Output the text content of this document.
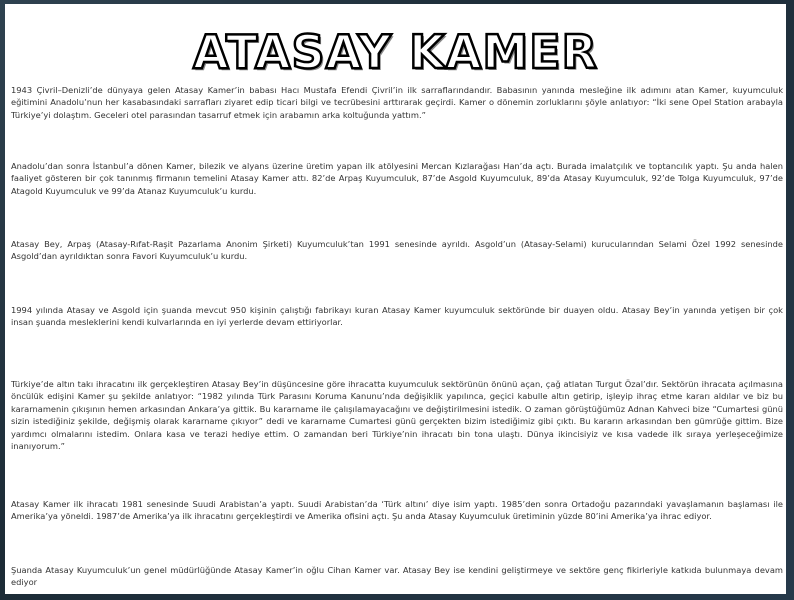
ATASAY KAMER

1943 Çivril–Denizli’de dünyaya gelen Atasay Kamer’in babası Hacı Mustafa Efendi Çivril’in ilk sarraflarındandır. Babasının yanında mesleğine ilk adımını atan Kamer, kuyumculuk eğitimini Anadolu’nun her kasabasındaki sarrafları ziyaret edip ticari bilgi ve tecrübesini arttırarak geçirdi. Kamer o dönemin zorluklarını şöyle anlatıyor: “İki sene Opel Station arabayla Türkiye’yi dolaştım. Geceleri otel parasından tasarruf etmek için arabamın arka koltuğunda yattım.”

Anadolu’dan sonra İstanbul’a dönen Kamer, bilezik ve alyans üzerine üretim yapan ilk atölyesini Mercan Kızlarağası Han’da açtı. Burada imalatçılık ve toptancılık yaptı. Şu anda halen faaliyet gösteren bir çok tanınmış firmanın temelini Atasay Kamer attı. 82’de Arpaş Kuyumculuk, 87’de Asgold Kuyumculuk, 89’da Atasay Kuyumculuk, 92’de Tolga Kuyumculuk, 97’de Atagold Kuyumculuk ve 99’da Atanaz Kuyumculuk’u kurdu.

Atasay Bey, Arpaş (Atasay-Rıfat-Raşit Pazarlama Anonim Şirketi) Kuyumculuk’tan 1991 senesinde ayrıldı. Asgold’un (Atasay-Selami) kurucularından Selami Özel 1992 senesinde Asgold’dan ayrıldıktan sonra Favori Kuyumculuk’u kurdu.

1994 yılında Atasay ve Asgold için şuanda mevcut 950 kişinin çalıştığı fabrikayı kuran Atasay Kamer kuyumculuk sektöründe bir duayen oldu. Atasay Bey’in yanında yetişen bir çok insan şuanda mesleklerini kendi kulvarlarında en iyi yerlerde devam ettiriyorlar.

Türkiye’de altın takı ihracatını ilk gerçekleştiren Atasay Bey’in düşüncesine göre ihracatta kuyumculuk sektörünün önünü açan, çağ atlatan Turgut Özal’dır. Sektörün ihracata açılmasına öncülük edişini Kamer şu şekilde anlatıyor: “1982 yılında Türk Parasını Koruma Kanunu’nda değişiklik yapılınca, geçici kabulle altın getirip, işleyip ihraç etme kararı aldılar ve biz bu kararnamenin çıkışının hemen arkasından Ankara’ya gittik. Bu kararname ile çalışılamayacağını ve değiştirilmesini istedik. O zaman görüştüğümüz Adnan Kahveci bize “Cumartesi günü sizin istediğiniz şekilde, değişmiş olarak kararname çıkıyor” dedi ve kararname Cumartesi günü gerçekten bizim istediğimiz gibi çıktı. Bu kararın arkasından ben gümrüğe gittim. Bize yardımcı olmalarını istedim. Onlara kasa ve terazi hediye ettim. O zamandan beri Türkiye’nin ihracatı bin tona ulaştı. Dünya ikincisiyiz ve kısa vadede ilk sıraya yerleşeceğimize inanıyorum.”

Atasay Kamer ilk ihracatı 1981 senesinde Suudi Arabistan’a yaptı. Suudi Arabistan’da ‘Türk altını’ diye isim yaptı. 1985’den sonra Ortadoğu pazarındaki yavaşlamanın başlaması ile Amerika’ya yöneldi. 1987’de Amerika’ya ilk ihracatını gerçekleştirdi ve Amerika ofisini açtı. Şu anda Atasay Kuyumculuk üretiminin yüzde 80’ini Amerika’ya ihrac ediyor.

Şuanda Atasay Kuyumculuk’un genel müdürlüğünde Atasay Kamer’in oğlu Cihan Kamer var. Atasay Bey ise kendini geliştirmeye ve sektöre genç fikirleriyle katkıda bulunmaya devam ediyor
